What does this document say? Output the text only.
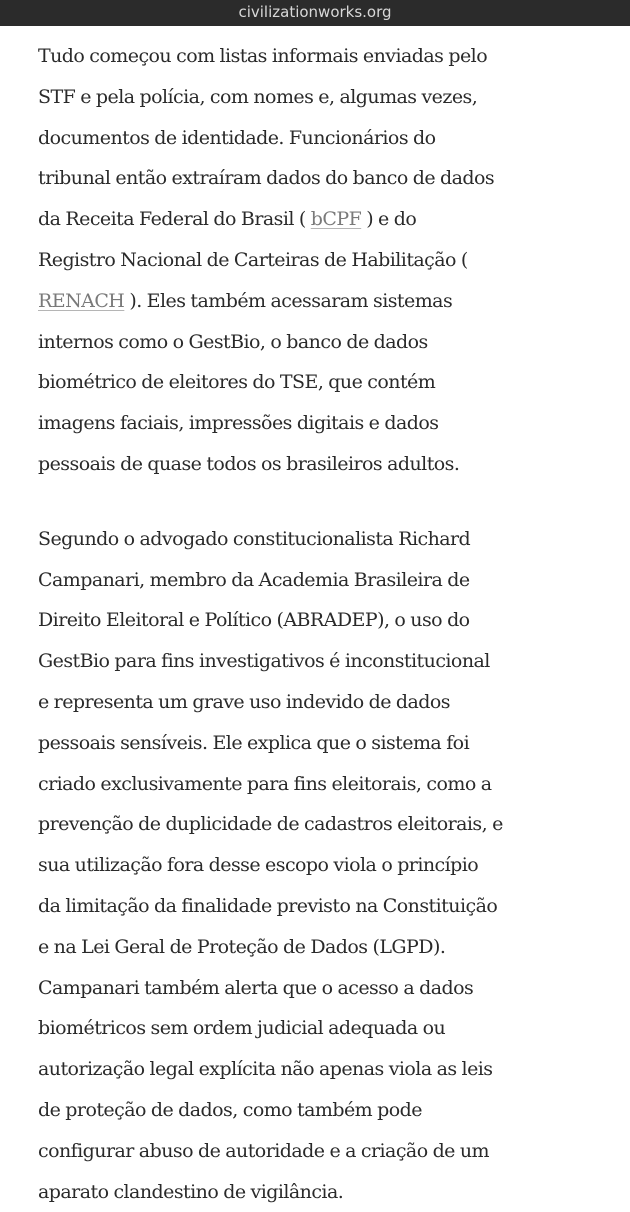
civilizationworks.org

Tudo começou com listas informais enviadas pelo
STF e pela polícia, com nomes e, algumas vezes,
documentos de identidade. Funcionários do
tribunal então extraíram dados do banco de dados
da Receita Federal do Brasil ( bCPF ) e do
Registro Nacional de Carteiras de Habilitação (
RENACH ). Eles também acessaram sistemas
internos como o GestBio, o banco de dados
biométrico de eleitores do TSE, que contém
imagens faciais, impressões digitais e dados
pessoais de quase todos os brasileiros adultos.

Segundo o advogado constitucionalista Richard
Campanari, membro da Academia Brasileira de
Direito Eleitoral e Político (ABRADEP), o uso do
GestBio para fins investigativos é inconstitucional
e representa um grave uso indevido de dados
pessoais sensíveis. Ele explica que o sistema foi
criado exclusivamente para fins eleitorais, como a
prevenção de duplicidade de cadastros eleitorais, e
sua utilização fora desse escopo viola o princípio
da limitação da finalidade previsto na Constituição
e na Lei Geral de Proteção de Dados (LGPD).
Campanari também alerta que o acesso a dados
biométricos sem ordem judicial adequada ou
autorização legal explícita não apenas viola as leis
de proteção de dados, como também pode
configurar abuso de autoridade e a criação de um
aparato clandestino de vigilância.
